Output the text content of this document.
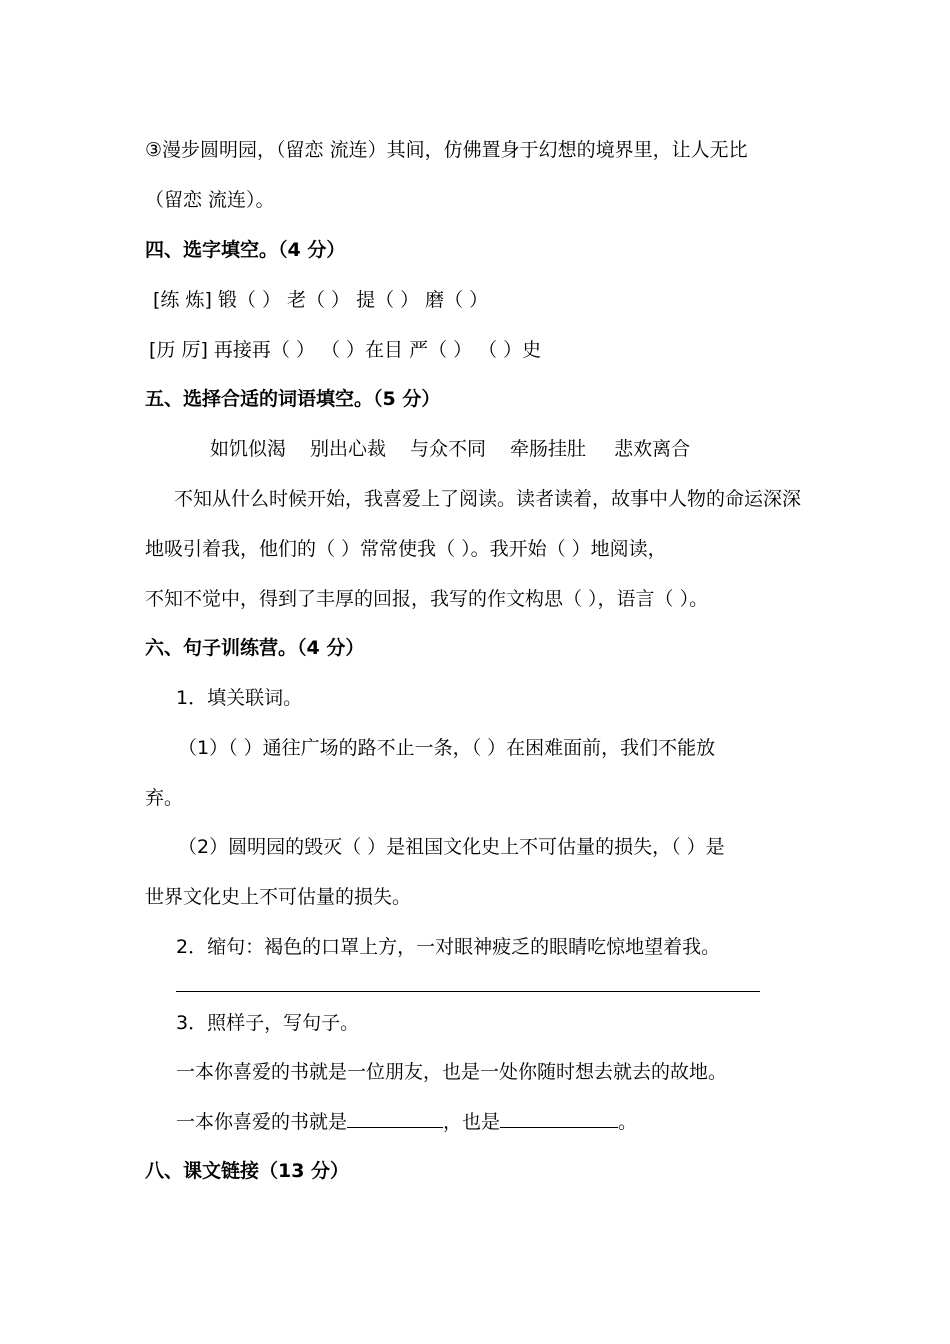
③漫步圆明园，（留恋 流连）其间，仿佛置身于幻想的境界里，让人无比
（留恋 流连）。
四、选字填空。（4 分）
[练 炼] 锻（ ） 老（ ） 提（ ） 磨（ ）
[历 厉] 再接再（ ） （ ）在目 严（ ） （ ）史
五、选择合适的词语填空。（5 分）
如饥似渴 别出心裁 与众不同 牵肠挂肚 悲欢离合
不知从什么时候开始，我喜爱上了阅读。读者读着，故事中人物的命运深深
地吸引着我，他们的（ ）常常使我（ ）。我开始（ ）地阅读，
不知不觉中，得到了丰厚的回报，我写的作文构思（ ），语言（ ）。
六、句子训练营。（4 分）
1．填关联词。
（1）（ ）通往广场的路不止一条，（ ）在困难面前，我们不能放
弃。
（2）圆明园的毁灭（ ）是祖国文化史上不可估量的损失，（ ）是
世界文化史上不可估量的损失。
2．缩句：褐色的口罩上方，一对眼神疲乏的眼睛吃惊地望着我。
3．照样子，写句子。
一本你喜爱的书就是一位朋友，也是一处你随时想去就去的故地。
一本你喜爱的书就是	，也是	。
八、课文链接（13 分）
